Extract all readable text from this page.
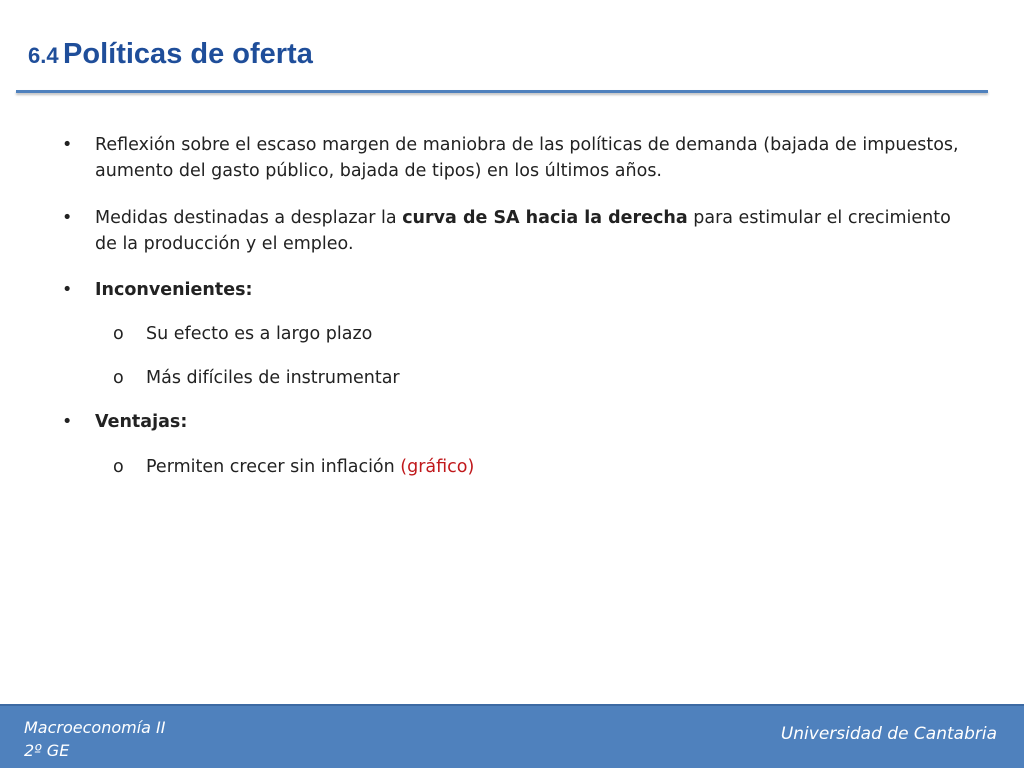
6.4 Políticas de oferta
•	Reflexión sobre el escaso margen de maniobra de las políticas de demanda (bajada de impuestos, aumento del gasto público, bajada de tipos) en los últimos años.
•	Medidas destinadas a desplazar la curva de SA hacia la derecha para estimular el crecimiento de la producción y el empleo.
•	Inconvenientes:
o	Su efecto es a largo plazo
o	Más difíciles de instrumentar
•	Ventajas:
o	Permiten crecer sin inflación (gráfico)
Macroeconomía II
2º GE
Universidad de Cantabria
